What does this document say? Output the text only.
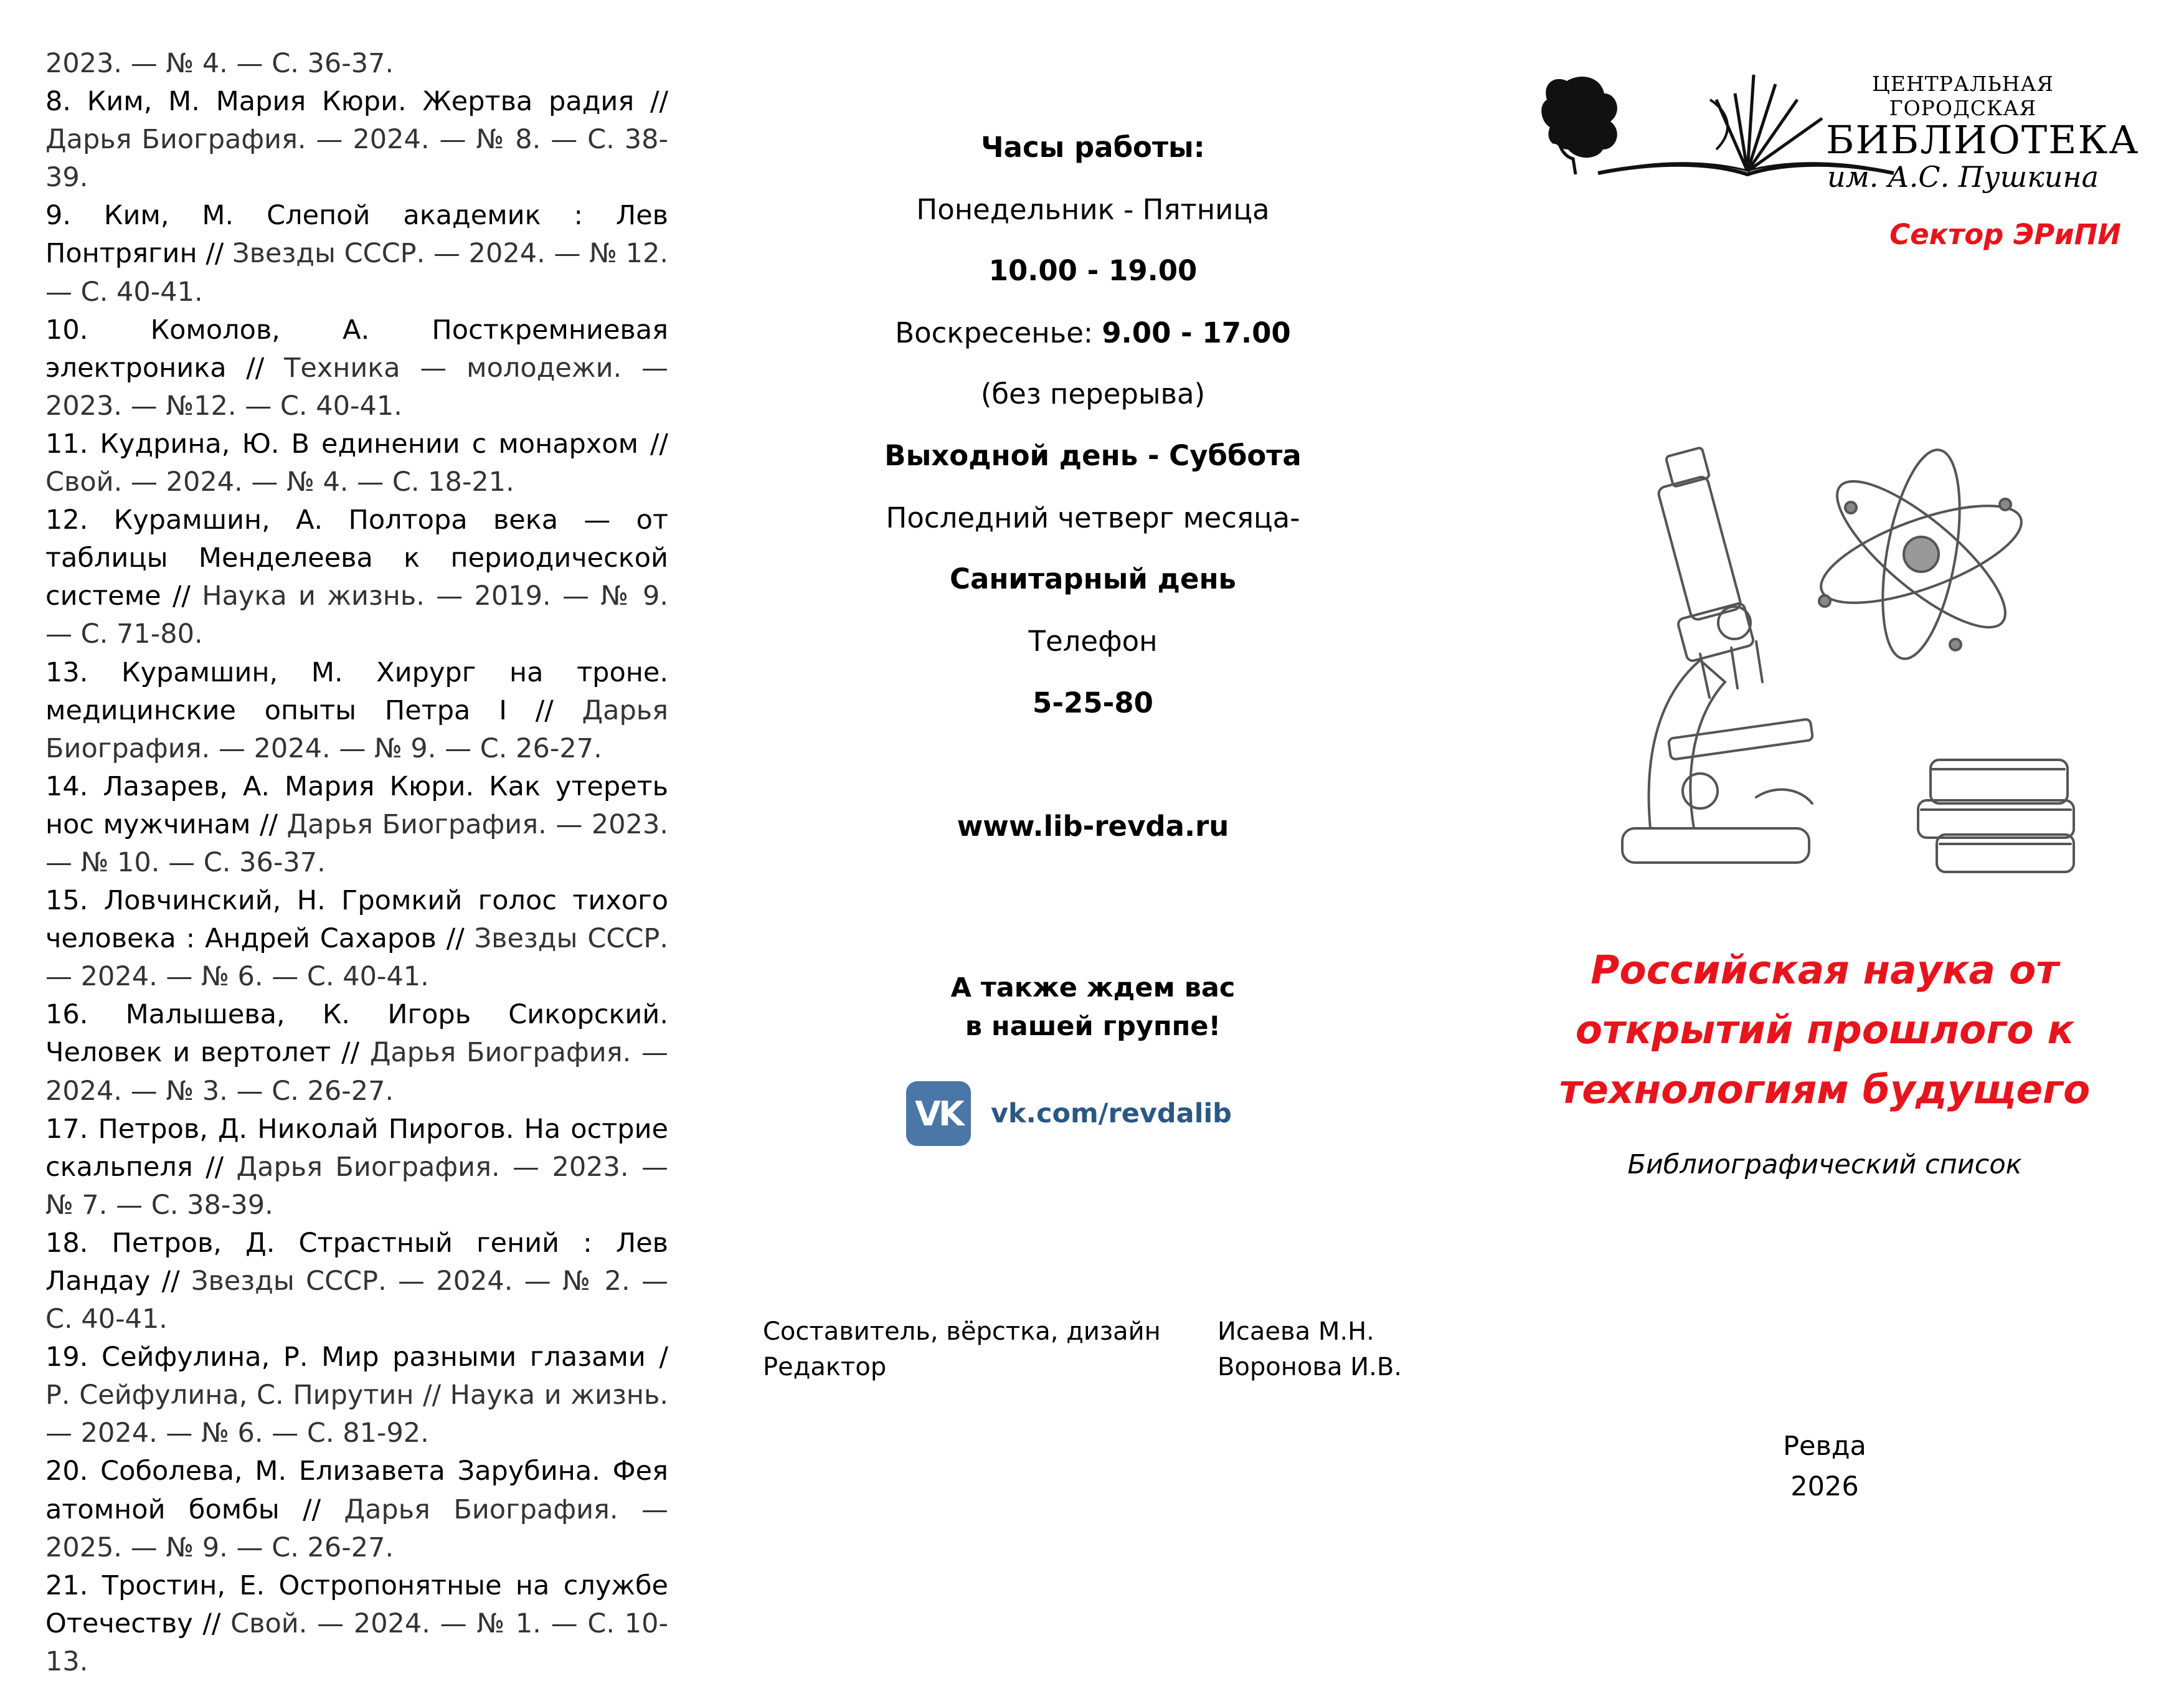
2023. — № 4. — С. 36-37.

8. Ким, М. Мария Кюри. Жертва радия // Дарья Биография. — 2024. — № 8. — С. 38-39.

9. Ким, М. Слепой академик : Лев Понтрягин // Звезды СССР. — 2024. — № 12. — С. 40-41.

10. Комолов, А. Посткремниевая электроника // Техника — молодежи. — 2023. — №12. — С. 40-41.

11. Кудрина, Ю. В единении с монархом // Свой. — 2024. — № 4. — С. 18-21.

12. Курамшин, А. Полтора века — от таблицы Менделеева к периодической системе // Наука и жизнь. — 2019. — № 9. — С. 71-80.

13. Курамшин, М. Хирург на троне. медицинские опыты Петра I // Дарья Биография. — 2024. — № 9. — С. 26-27.

14. Лазарев, А. Мария Кюри. Как утереть нос мужчинам // Дарья Биография. — 2023. — № 10. — С. 36-37.

15. Ловчинский, Н. Громкий голос тихого человека : Андрей Сахаров // Звезды СССР. — 2024. — № 6. — С. 40-41.

16. Малышева, К. Игорь Сикорский. Человек и вертолет // Дарья Биография. — 2024. — № 3. — С. 26-27.

17. Петров, Д. Николай Пирогов. На острие скальпеля // Дарья Биография. — 2023. — № 7. — С. 38-39.

18. Петров, Д. Страстный гений : Лев Ландау // Звезды СССР. — 2024. — № 2. — С. 40-41.

19. Сейфулина, Р. Мир разными глазами / Р. Сейфулина, С. Пирутин // Наука и жизнь. — 2024. — № 6. — С. 81-92.

20. Соболева, М. Елизавета Зарубина. Фея атомной бомбы // Дарья Биография. — 2025. — № 9. — С. 26-27.

21. Тростин, Е. Остропонятные на службе Отечеству // Свой. — 2024. — № 1. — С. 10-13.

Часы работы:
Понедельник - Пятница
10.00 - 19.00
Воскресенье: 9.00 - 17.00
(без перерыва)
Выходной день - Суббота
Последний четверг месяца-
Санитарный день
Телефон
5-25-80
www.lib-revda.ru
А также ждем вас
в нашей группе!
VK	vk.com/revdalib
Составитель, вёрстка, дизайн Исаева М.Н.
Редактор	Воронова И.В.
ЦЕНТРАЛЬНАЯ ГОРОДСКАЯ
БИБЛИОТЕКА
им. А.С. Пушкина
Сектор ЭРиПИ
Российская наука от
открытий прошлого к
технологиям будущего
Библиографический список
Ревда
2026
